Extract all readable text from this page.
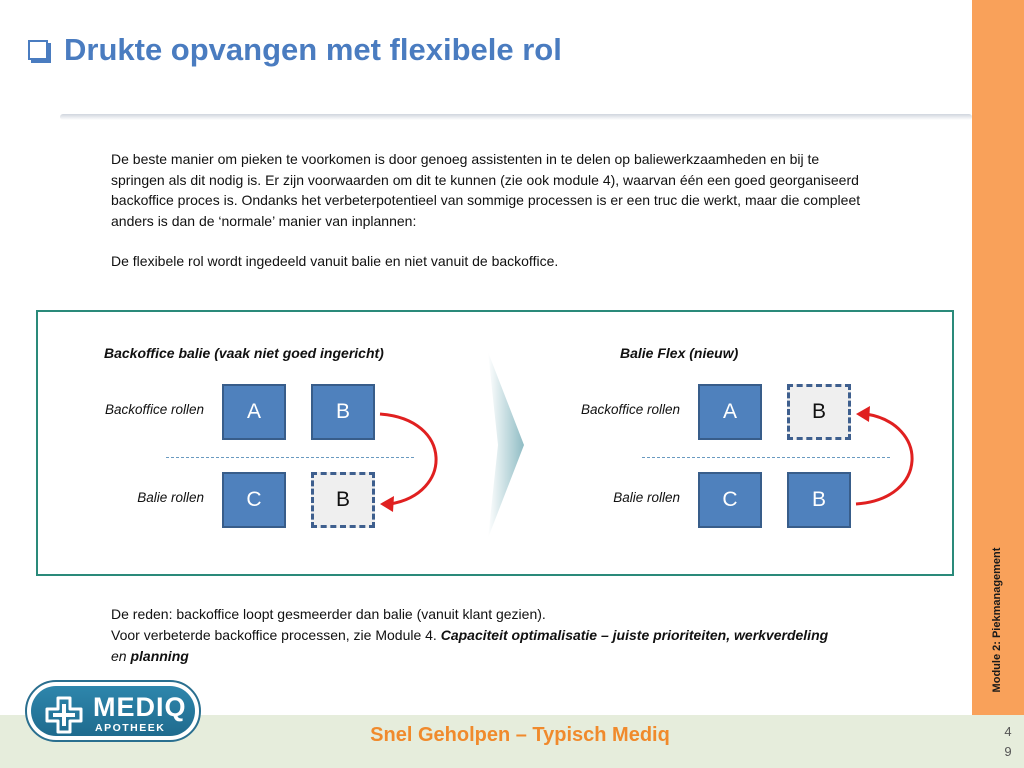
Module 2: Piekmanagement
Drukte opvangen met flexibele rol

De beste manier om pieken te voorkomen is door genoeg assistenten in te delen op baliewerkzaamheden en bij te springen als dit nodig is. Er zijn voorwaarden om dit te kunnen (zie ook module 4), waarvan één een goed georganiseerd backoffice proces is. Ondanks het verbeterpotentieel van sommige processen is er een truc die werkt, maar die compleet anders is dan de ‘normale’ manier van inplannen:

De flexibele rol wordt ingedeeld vanuit balie en niet vanuit de backoffice.

Backoffice balie (vaak niet goed ingericht)
Backoffice rollen
Balie rollen
A	B
C	B
Balie Flex (nieuw)
Backoffice rollen
Balie rollen
A	B
C	B

De reden: backoffice loopt gesmeerder dan balie (vanuit klant gezien).

Voor verbeterde backoffice processen, zie Module 4. Capaciteit optimalisatie – juiste prioriteiten, werkverdeling en planning

Snel Geholpen – Typisch Mediq	4
9
MEDIQ
APOTHEEK
